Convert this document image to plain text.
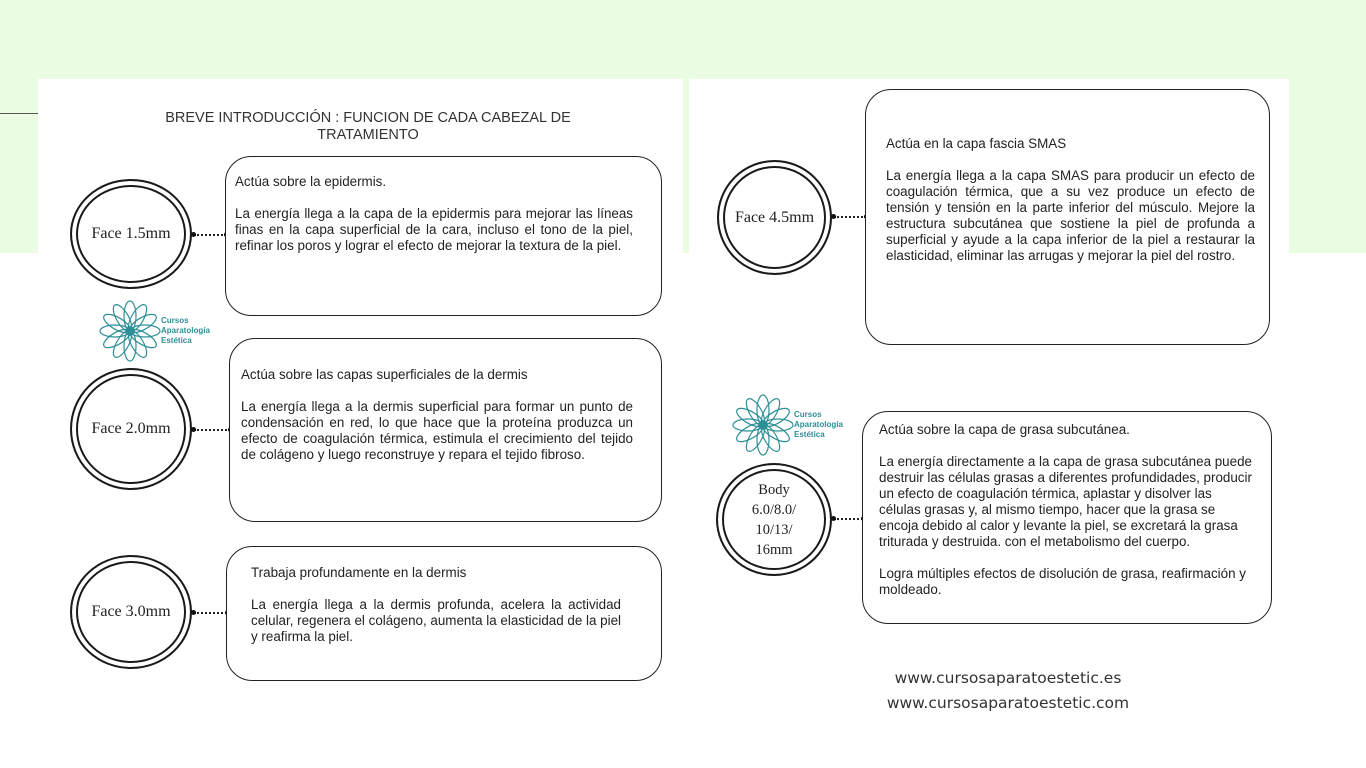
BREVE INTRODUCCIÓN : FUNCION DE CADA CABEZAL DE
TRATAMIENTO
Face 1.5mm
Actúa sobre la epidermis.
La energía llega a la capa de la epidermis para mejorar las líneas finas en la capa superficial de la cara, incluso el tono de la piel, refinar los poros y lograr el efecto de mejorar la textura de la piel.
Cursos
Aparatología
Estética
Face 2.0mm
Actúa sobre las capas superficiales de la dermis
La energía llega a la dermis superficial para formar un punto de condensación en red, lo que hace que la proteína produzca un efecto de coagulación térmica, estimula el crecimiento del tejido de colágeno y luego reconstruye y repara el tejido fibroso.
Face 3.0mm
Trabaja profundamente en la dermis
La energía llega a la dermis profunda, acelera la actividad celular, regenera el colágeno, aumenta la elasticidad de la piel y reafirma la piel.
Face 4.5mm
Actúa en la capa fascia SMAS
La energía llega a la capa SMAS para producir un efecto de coagulación térmica, que a su vez produce un efecto de tensión y tensión en la parte inferior del músculo. Mejore la estructura subcutánea que sostiene la piel de profunda a superficial y ayude a la capa inferior de la piel a restaurar la elasticidad, eliminar las arrugas y mejorar la piel del rostro.
Cursos
Aparatología
Estética
Body
6.0/8.0/
10/13/
16mm
Actúa sobre la capa de grasa subcutánea.
La energía directamente a la capa de grasa subcutánea puede destruir las células grasas a diferentes profundidades, producir un efecto de coagulación térmica, aplastar y disolver las células grasas y, al mismo tiempo, hacer que la grasa se encoja debido al calor y levante la piel, se excretará la grasa triturada y destruida. con el metabolismo del cuerpo.
Logra múltiples efectos de disolución de grasa, reafirmación y moldeado.
www.cursosaparatoestetic.es
www.cursosaparatoestetic.com
